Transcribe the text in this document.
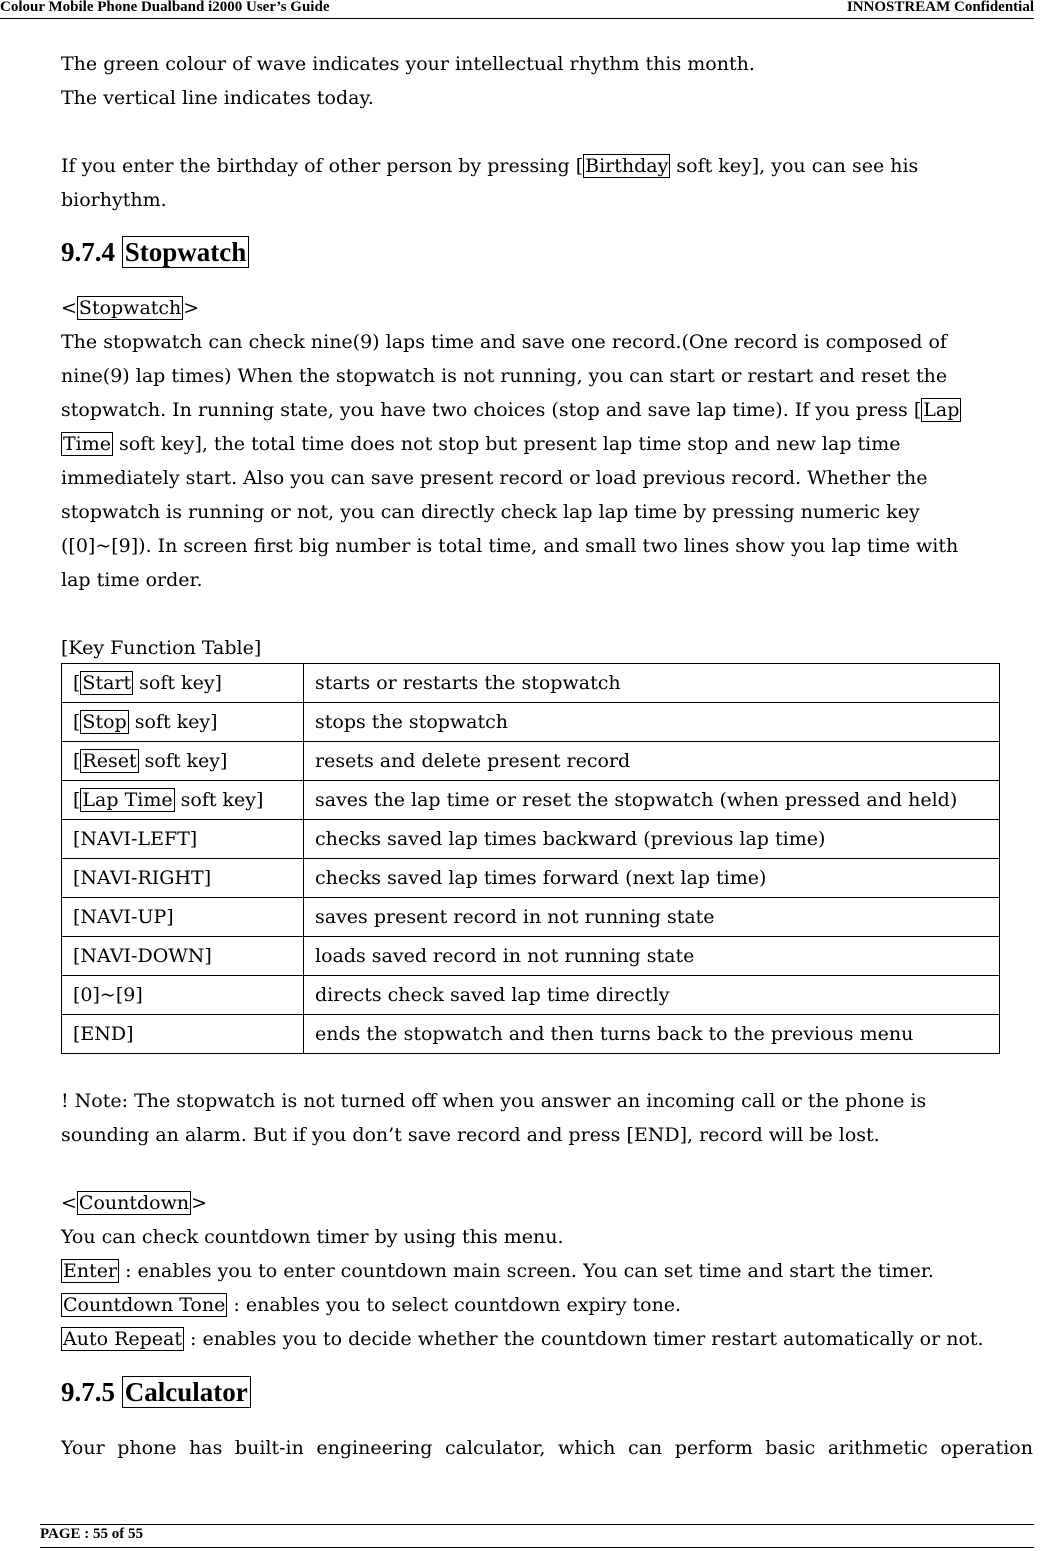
Colour Mobile Phone Dualband i2000 User’s Guide	INNOSTREAM Confidential

The green colour of wave indicates your intellectual rhythm this month.

The vertical line indicates today.

If you enter the birthday of other person by pressing [ Birthday soft key], you can see his

biorhythm.

9.7.4 Stopwatch

< Stopwatch >

The stopwatch can check nine(9) laps time and save one record.(One record is composed of

nine(9) lap times) When the stopwatch is not running, you can start or restart and reset the

stopwatch. In running state, you have two choices (stop and save lap time). If you press [ Lap

Time soft key], the total time does not stop but present lap time stop and new lap time

immediately start. Also you can save present record or load previous record. Whether the

stopwatch is running or not, you can directly check lap lap time by pressing numeric key

([0]~[9]). In screen first big number is total time, and small two lines show you lap time with

lap time order.

[Key Function Table]

[ Start soft key]	starts or restarts the stopwatch
[ Stop soft key]	stops the stopwatch
[ Reset soft key]	resets and delete present record
[ Lap Time soft key]	saves the lap time or reset the stopwatch (when pressed and held)
[NAVI-LEFT]	checks saved lap times backward (previous lap time)
[NAVI-RIGHT]	checks saved lap times forward (next lap time)
[NAVI-UP]	saves present record in not running state
[NAVI-DOWN]	loads saved record in not running state
[0]~[9]	directs check saved lap time directly
[END]	ends the stopwatch and then turns back to the previous menu

! Note: The stopwatch is not turned off when you answer an incoming call or the phone is

sounding an alarm. But if you don’t save record and press [END], record will be lost.

< Countdown >

You can check countdown timer by using this menu.

Enter : enables you to enter countdown main screen. You can set time and start the timer.

Countdown Tone : enables you to select countdown expiry tone.

Auto Repeat : enables you to decide whether the countdown timer restart automatically or not.

9.7.5 Calculator

Your phone has built-in engineering calculator, which can perform basic arithmetic operation

PAGE : 55 of 55
